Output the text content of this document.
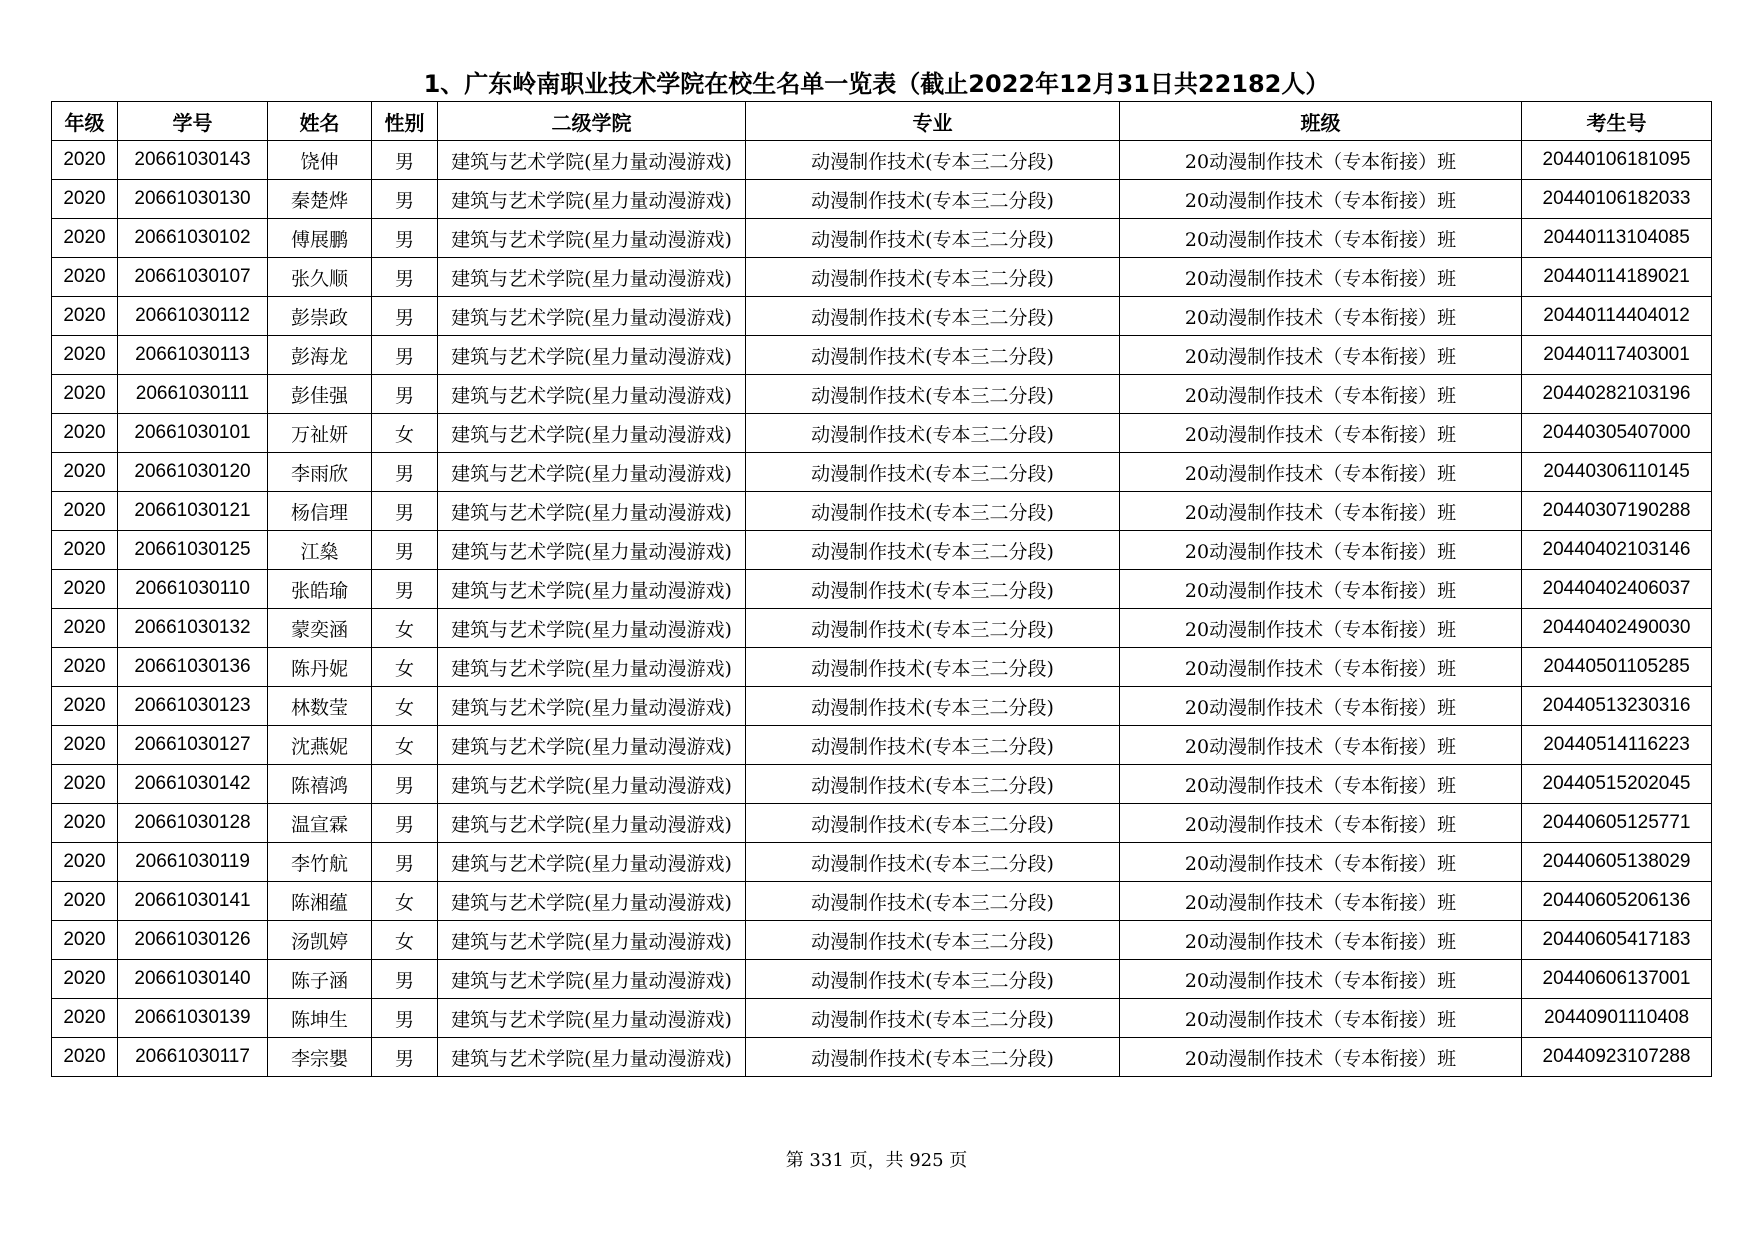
1、广东岭南职业技术学院在校生名单一览表（截止2022年12月31日共22182人）
年级	学号	姓名	性别	二级学院	专业	班级	考生号
2020	20661030143	饶伸	男	建筑与艺术学院(星力量动漫游戏)	动漫制作技术(专本三二分段)	20动漫制作技术（专本衔接）班	20440106181095
2020	20661030130	秦楚烨	男	建筑与艺术学院(星力量动漫游戏)	动漫制作技术(专本三二分段)	20动漫制作技术（专本衔接）班	20440106182033
2020	20661030102	傅展鹏	男	建筑与艺术学院(星力量动漫游戏)	动漫制作技术(专本三二分段)	20动漫制作技术（专本衔接）班	20440113104085
2020	20661030107	张久顺	男	建筑与艺术学院(星力量动漫游戏)	动漫制作技术(专本三二分段)	20动漫制作技术（专本衔接）班	20440114189021
2020	20661030112	彭崇政	男	建筑与艺术学院(星力量动漫游戏)	动漫制作技术(专本三二分段)	20动漫制作技术（专本衔接）班	20440114404012
2020	20661030113	彭海龙	男	建筑与艺术学院(星力量动漫游戏)	动漫制作技术(专本三二分段)	20动漫制作技术（专本衔接）班	20440117403001
2020	20661030111	彭佳强	男	建筑与艺术学院(星力量动漫游戏)	动漫制作技术(专本三二分段)	20动漫制作技术（专本衔接）班	20440282103196
2020	20661030101	万祉妍	女	建筑与艺术学院(星力量动漫游戏)	动漫制作技术(专本三二分段)	20动漫制作技术（专本衔接）班	20440305407000
2020	20661030120	李雨欣	男	建筑与艺术学院(星力量动漫游戏)	动漫制作技术(专本三二分段)	20动漫制作技术（专本衔接）班	20440306110145
2020	20661030121	杨信理	男	建筑与艺术学院(星力量动漫游戏)	动漫制作技术(专本三二分段)	20动漫制作技术（专本衔接）班	20440307190288
2020	20661030125	江燊	男	建筑与艺术学院(星力量动漫游戏)	动漫制作技术(专本三二分段)	20动漫制作技术（专本衔接）班	20440402103146
2020	20661030110	张皓瑜	男	建筑与艺术学院(星力量动漫游戏)	动漫制作技术(专本三二分段)	20动漫制作技术（专本衔接）班	20440402406037
2020	20661030132	蒙奕涵	女	建筑与艺术学院(星力量动漫游戏)	动漫制作技术(专本三二分段)	20动漫制作技术（专本衔接）班	20440402490030
2020	20661030136	陈丹妮	女	建筑与艺术学院(星力量动漫游戏)	动漫制作技术(专本三二分段)	20动漫制作技术（专本衔接）班	20440501105285
2020	20661030123	林数莹	女	建筑与艺术学院(星力量动漫游戏)	动漫制作技术(专本三二分段)	20动漫制作技术（专本衔接）班	20440513230316
2020	20661030127	沈燕妮	女	建筑与艺术学院(星力量动漫游戏)	动漫制作技术(专本三二分段)	20动漫制作技术（专本衔接）班	20440514116223
2020	20661030142	陈禧鸿	男	建筑与艺术学院(星力量动漫游戏)	动漫制作技术(专本三二分段)	20动漫制作技术（专本衔接）班	20440515202045
2020	20661030128	温宣霖	男	建筑与艺术学院(星力量动漫游戏)	动漫制作技术(专本三二分段)	20动漫制作技术（专本衔接）班	20440605125771
2020	20661030119	李竹航	男	建筑与艺术学院(星力量动漫游戏)	动漫制作技术(专本三二分段)	20动漫制作技术（专本衔接）班	20440605138029
2020	20661030141	陈湘蕴	女	建筑与艺术学院(星力量动漫游戏)	动漫制作技术(专本三二分段)	20动漫制作技术（专本衔接）班	20440605206136
2020	20661030126	汤凯婷	女	建筑与艺术学院(星力量动漫游戏)	动漫制作技术(专本三二分段)	20动漫制作技术（专本衔接）班	20440605417183
2020	20661030140	陈子涵	男	建筑与艺术学院(星力量动漫游戏)	动漫制作技术(专本三二分段)	20动漫制作技术（专本衔接）班	20440606137001
2020	20661030139	陈坤生	男	建筑与艺术学院(星力量动漫游戏)	动漫制作技术(专本三二分段)	20动漫制作技术（专本衔接）班	20440901110408
2020	20661030117	李宗嬰	男	建筑与艺术学院(星力量动漫游戏)	动漫制作技术(专本三二分段)	20动漫制作技术（专本衔接）班	20440923107288
第 331 页，共 925 页
